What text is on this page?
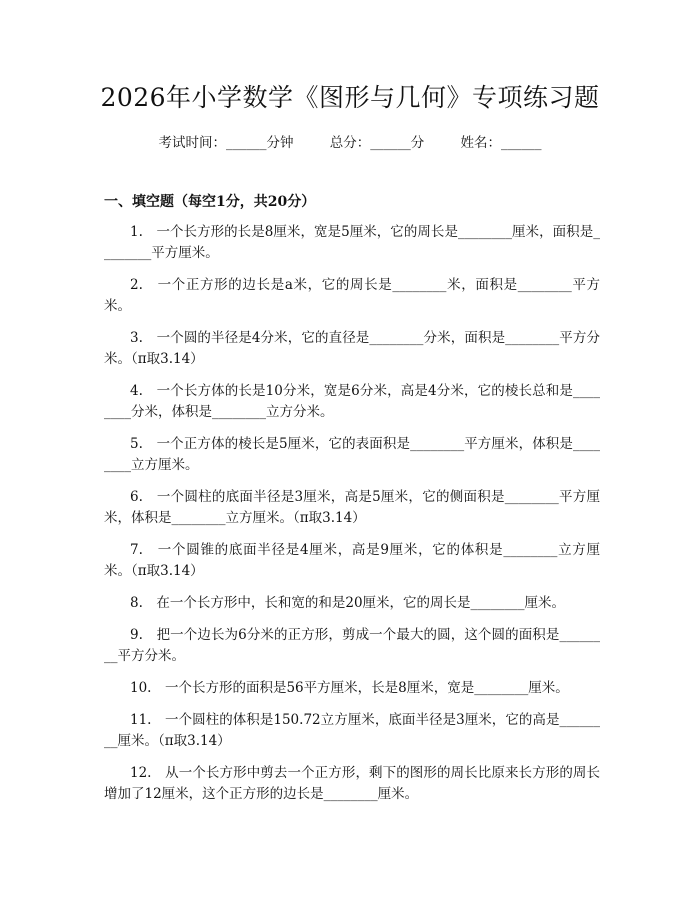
2026年小学数学《图形与几何》专项练习题
考试时间：______分钟	总分：______分	姓名：______
一、填空题（每空1分，共20分）

1.　一个长方形的长是8厘米，宽是5厘米，它的周长是________厘米，面积是________平方厘米。

2.　一个正方形的边长是a米，它的周长是________米，面积是________平方米。

3.　一个圆的半径是4分米，它的直径是________分米，面积是________平方分米。（π取3.14）

4.　一个长方体的长是10分米，宽是6分米，高是4分米，它的棱长总和是________分米，体积是________立方分米。

5.　一个正方体的棱长是5厘米，它的表面积是________平方厘米，体积是________立方厘米。

6.　一个圆柱的底面半径是3厘米，高是5厘米，它的侧面积是________平方厘米，体积是________立方厘米。（π取3.14）

7.　一个圆锥的底面半径是4厘米，高是9厘米，它的体积是________立方厘米。（π取3.14）

8.　在一个长方形中，长和宽的和是20厘米，它的周长是________厘米。

9.　把一个边长为6分米的正方形，剪成一个最大的圆，这个圆的面积是________平方分米。

10.　一个长方形的面积是56平方厘米，长是8厘米，宽是________厘米。

11.　一个圆柱的体积是150.72立方厘米，底面半径是3厘米，它的高是________厘米。（π取3.14）

12.　从一个长方形中剪去一个正方形，剩下的图形的周长比原来长方形的周长增加了12厘米，这个正方形的边长是________厘米。
